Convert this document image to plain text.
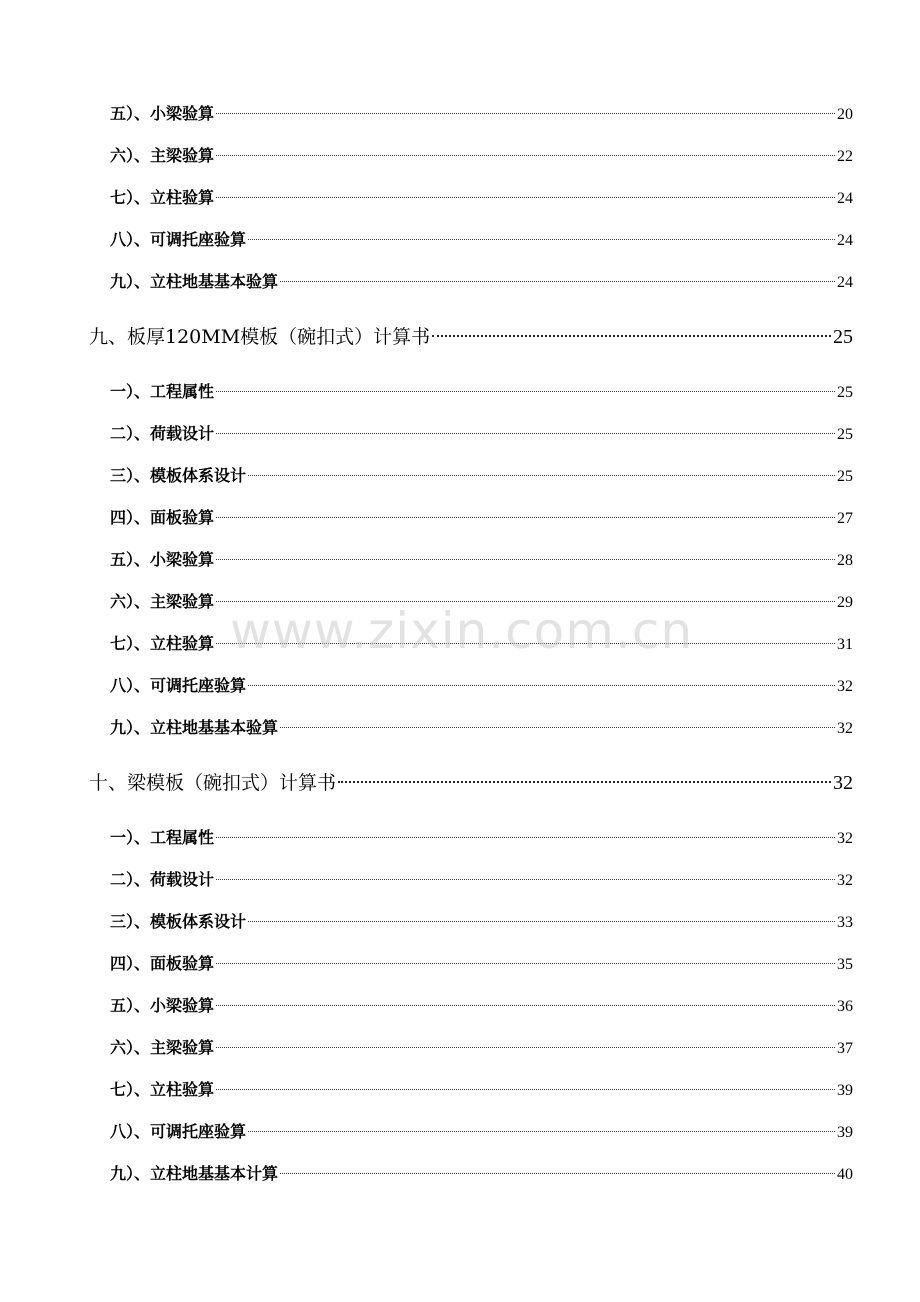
五）、小梁验算	20
六）、主梁验算	22
七）、立柱验算	24
八）、可调托座验算	24
九）、立柱地基基本验算	24
九、板厚120MM模板（碗扣式）计算书	25
一）、工程属性	25
二）、荷载设计	25
三）、模板体系设计	25
四）、面板验算	27
五）、小梁验算	28
六）、主梁验算	29
七）、立柱验算	31
八）、可调托座验算	32
九）、立柱地基基本验算	32
十、梁模板（碗扣式）计算书	32
一）、工程属性	32
二）、荷载设计	32
三）、模板体系设计	33
四）、面板验算	35
五）、小梁验算	36
六）、主梁验算	37
七）、立柱验算	39
八）、可调托座验算	39
九）、立柱地基基本计算	40
www.zixin.com.cn
